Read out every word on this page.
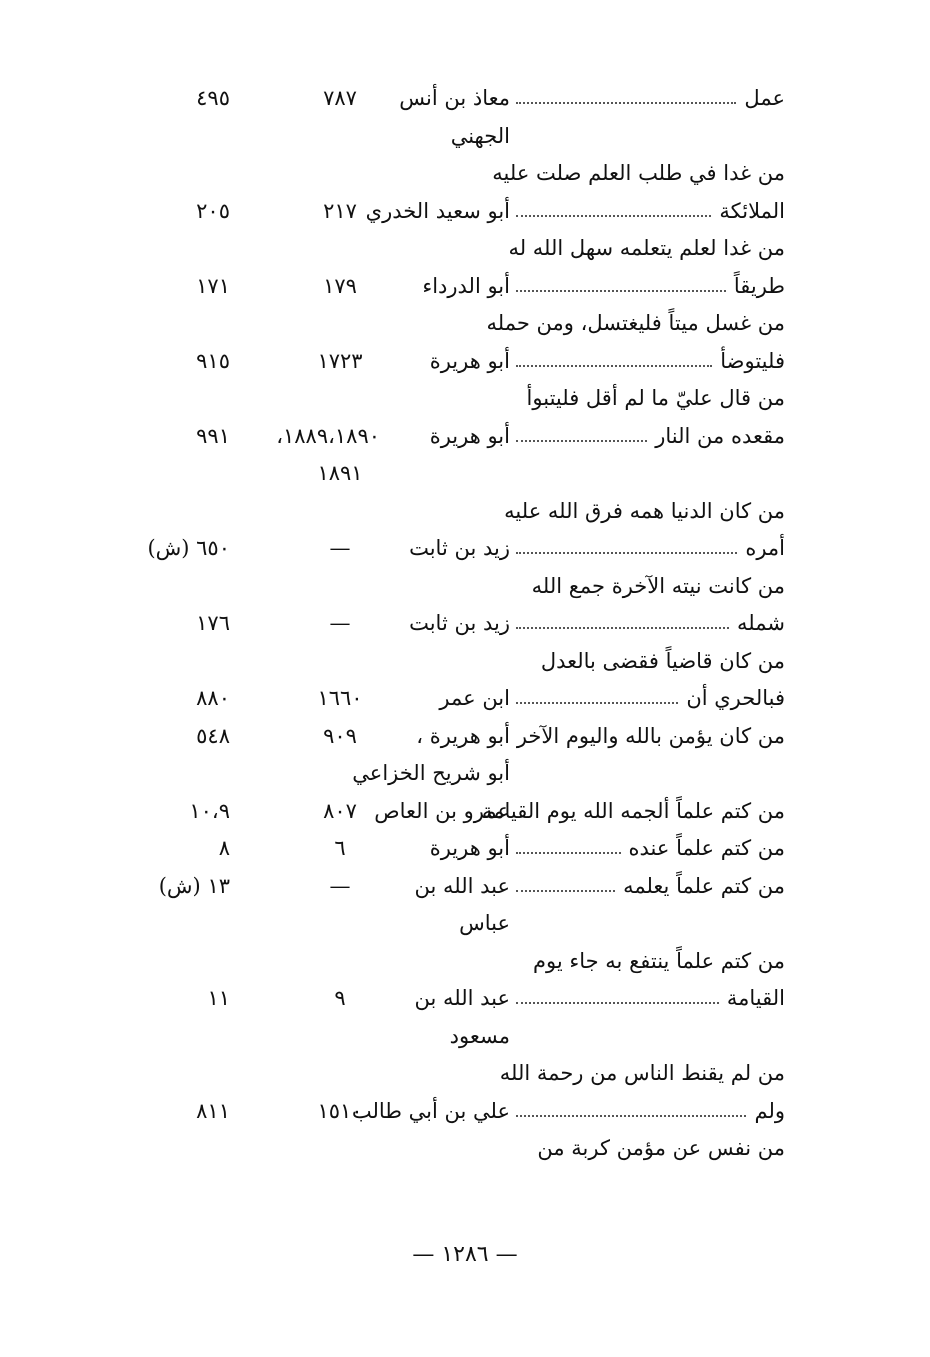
عمل
معاذ بن أنس
٧٨٧
٤٩٥
الجهني
من غدا في طلب العلم صلت عليه
الملائكة
أبو سعيد الخدري
٢١٧
٢٠٥
من غدا لعلم يتعلمه سهل الله له
طريقاً
أبو الدرداء
١٧٩
١٧١
من غسل ميتاً فليغتسل، ومن حمله
فليتوضأ
أبو هريرة
١٧٢٣
٩١٥
من قال عليّ ما لم أقل فليتبوأ
مقعده من النار
أبو هريرة
١٨٨٩،١٨٩٠،
٩٩١
١٨٩١
من كان الدنيا همه فرق الله عليه
أمره
زيد بن ثابت
—
٦٥٠ (ش)
من كانت نيته الآخرة جمع الله
شمله
زيد بن ثابت
—
١٧٦
من كان قاضياً فقضى بالعدل
فبالحري أن
ابن عمر
١٦٦٠
٨٨٠
من كان يؤمن بالله واليوم الآخر
أبو هريرة ،
٩٠٩
٥٤٨
أبو شريح الخزاعي
من كتم علماً ألجمه الله يوم القيامة
عمرو بن العاص
٨٠٧
١٠،٩
من كتم علماً عنده
أبو هريرة
٦
٨
من كتم علماً يعلمه
عبد الله بن
—
١٣ (ش)
عباس
من كتم علماً ينتفع به جاء يوم
القيامة
عبد الله بن
٩
١١
مسعود
من لم يقنط الناس من رحمة الله
ولم
علي بن أبي طالب
١٥١٠
٨١١
من نفس عن مؤمن كربة من
— ١٢٨٦ —
